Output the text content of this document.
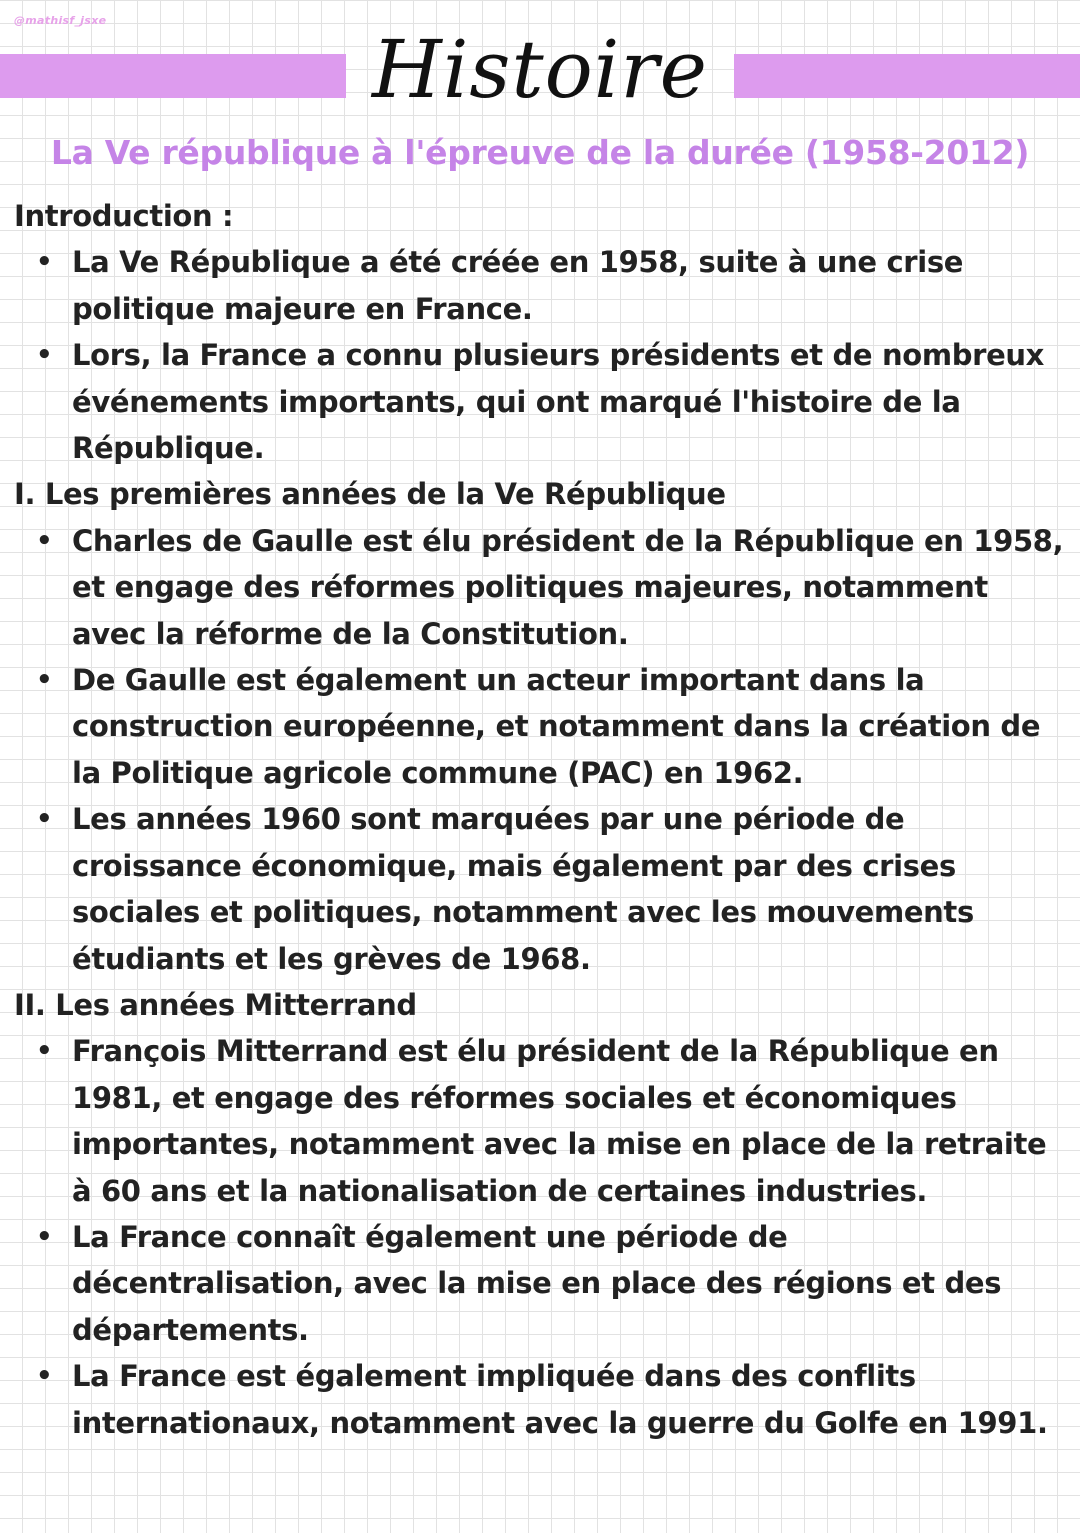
@mathisf_jsxe
Histoire
La Ve république à l'épreuve de la durée (1958-2012)

Introduction :

• La Ve République a été créée en 1958, suite à une crise politique majeure en France.
• Lors, la France a connu plusieurs présidents et de nombreux événements importants, qui ont marqué l'histoire de la République.

I. Les premières années de la Ve République

• Charles de Gaulle est élu président de la République en 1958, et engage des réformes politiques majeures, notamment avec la réforme de la Constitution.
• De Gaulle est également un acteur important dans la construction européenne, et notamment dans la création de la Politique agricole commune (PAC) en 1962.
• Les années 1960 sont marquées par une période de croissance économique, mais également par des crises sociales et politiques, notamment avec les mouvements étudiants et les grèves de 1968.

II. Les années Mitterrand

• François Mitterrand est élu président de la République en 1981, et engage des réformes sociales et économiques importantes, notamment avec la mise en place de la retraite à 60 ans et la nationalisation de certaines industries.
• La France connaît également une période de décentralisation, avec la mise en place des régions et des départements.
• La France est également impliquée dans des conflits internationaux, notamment avec la guerre du Golfe en 1991.
